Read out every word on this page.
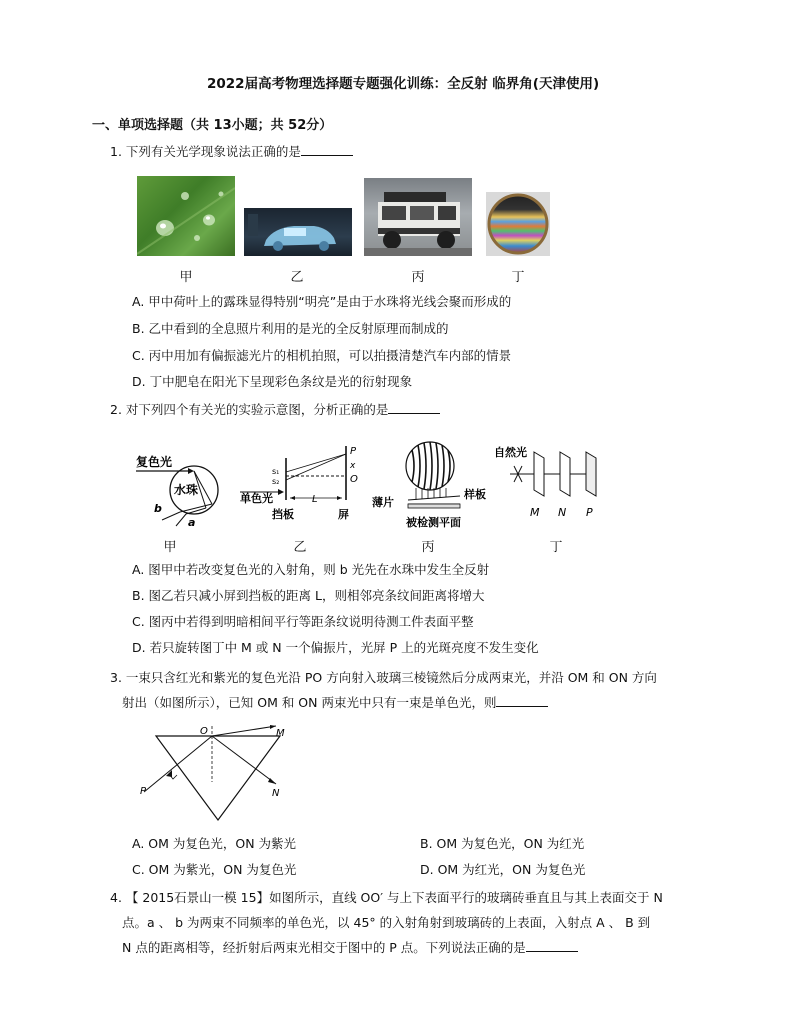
2022届高考物理选择题专题强化训练：全反射 临界角(天津使用)
一、单项选择题（共 13小题；共 52分）
1. 下列有关光学现象说法正确的是
甲	乙	丙	丁
A. 甲中荷叶上的露珠显得特别“明亮”是由于水珠将光线会聚而形成的
B. 乙中看到的全息照片利用的是光的全反射原理而制成的
C. 丙中用加有偏振滤光片的相机拍照，可以拍摄清楚汽车内部的情景
D. 丁中肥皂在阳光下呈现彩色条纹是光的衍射现象
2. 对下列四个有关光的实验示意图，分析正确的是
复色光
水珠
b
a
s₁
s₂
P
x
O
L
单色光
挡板	屏
薄片
样板
被检测平面
自然光
M N P
甲	乙	丙	丁
A. 图甲中若改变复色光的入射角，则 b 光先在水珠中发生全反射
B. 图乙若只减小屏到挡板的距离 L，则相邻亮条纹间距离将增大
C. 图丙中若得到明暗相间平行等距条纹说明待测工件表面平整
D. 若只旋转图丁中 M 或 N 一个偏振片，光屏 P 上的光斑亮度不发生变化
3. 一束只含红光和紫光的复色光沿 PO 方向射入玻璃三棱镜然后分成两束光，并沿 OM 和 ON 方向
射出（如图所示），已知 OM 和 ON 两束光中只有一束是单色光，则
O	M
N
P
A. OM 为复色光，ON 为紫光	B. OM 为复色光，ON 为红光
C. OM 为紫光，ON 为复色光	D. OM 为红光，ON 为复色光
4. 【 2015石景山一模 15】如图所示，直线 OO′ 与上下表面平行的玻璃砖垂直且与其上表面交于 N
点。a 、 b 为两束不同频率的单色光，以 45° 的入射角射到玻璃砖的上表面，入射点 A 、 B 到
N 点的距离相等，经折射后两束光相交于图中的 P 点。下列说法正确的是
